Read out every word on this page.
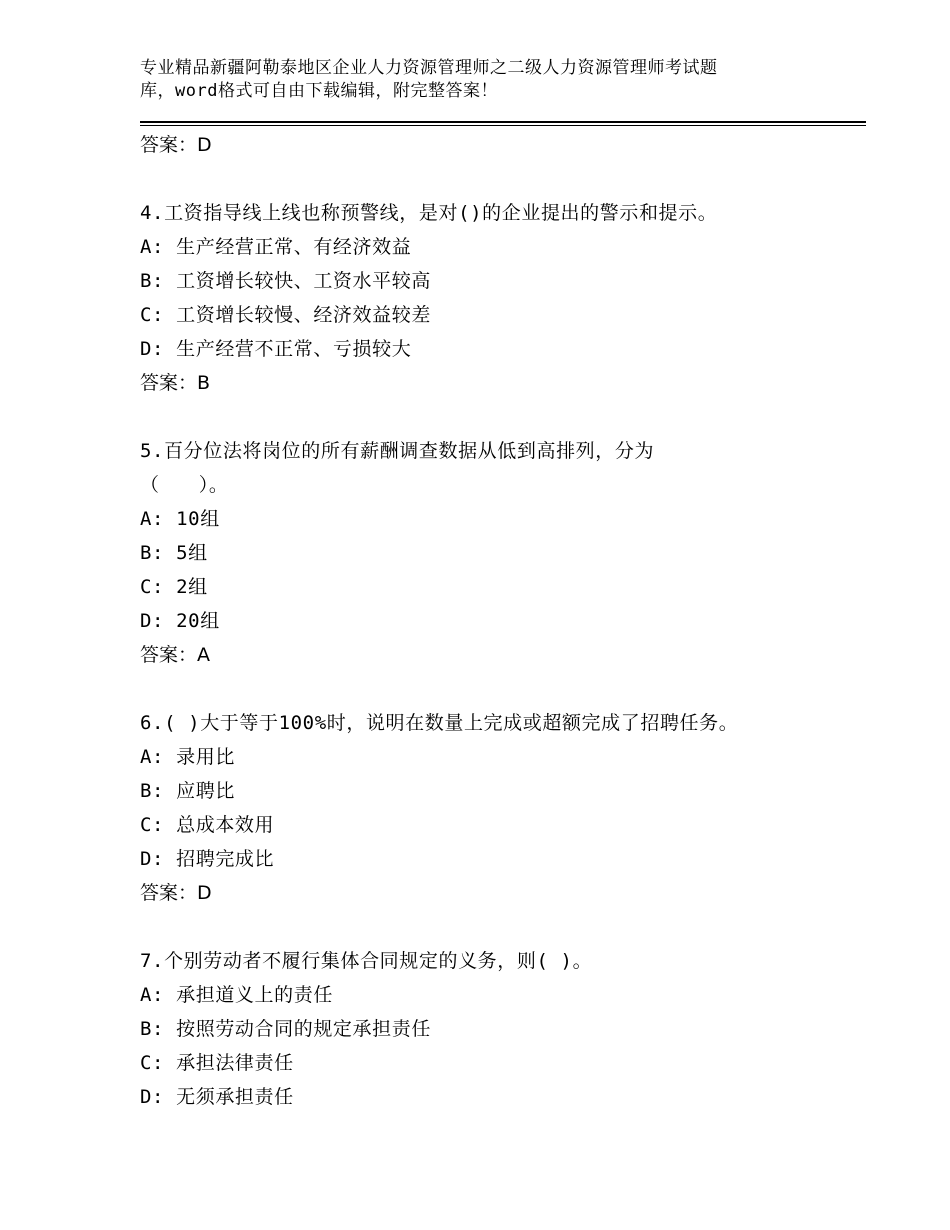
专业精品新疆阿勒泰地区企业人力资源管理师之二级人力资源管理师考试题
库，word格式可自由下载编辑，附完整答案！
答案：D
4.工资指导线上线也称预警线，是对()的企业提出的警示和提示。
A: 生产经营正常、有经济效益
B: 工资增长较快、工资水平较高
C: 工资增长较慢、经济效益较差
D: 生产经营不正常、亏损较大
答案：B
5.百分位法将岗位的所有薪酬调查数据从低到高排列，分为
（　　）。
A: 10组
B: 5组
C: 2组
D: 20组
答案：A
6.( )大于等于100%时，说明在数量上完成或超额完成了招聘任务。
A: 录用比
B: 应聘比
C: 总成本效用
D: 招聘完成比
答案：D
7.个别劳动者不履行集体合同规定的义务，则( )。
A: 承担道义上的责任
B: 按照劳动合同的规定承担责任
C: 承担法律责任
D: 无须承担责任
